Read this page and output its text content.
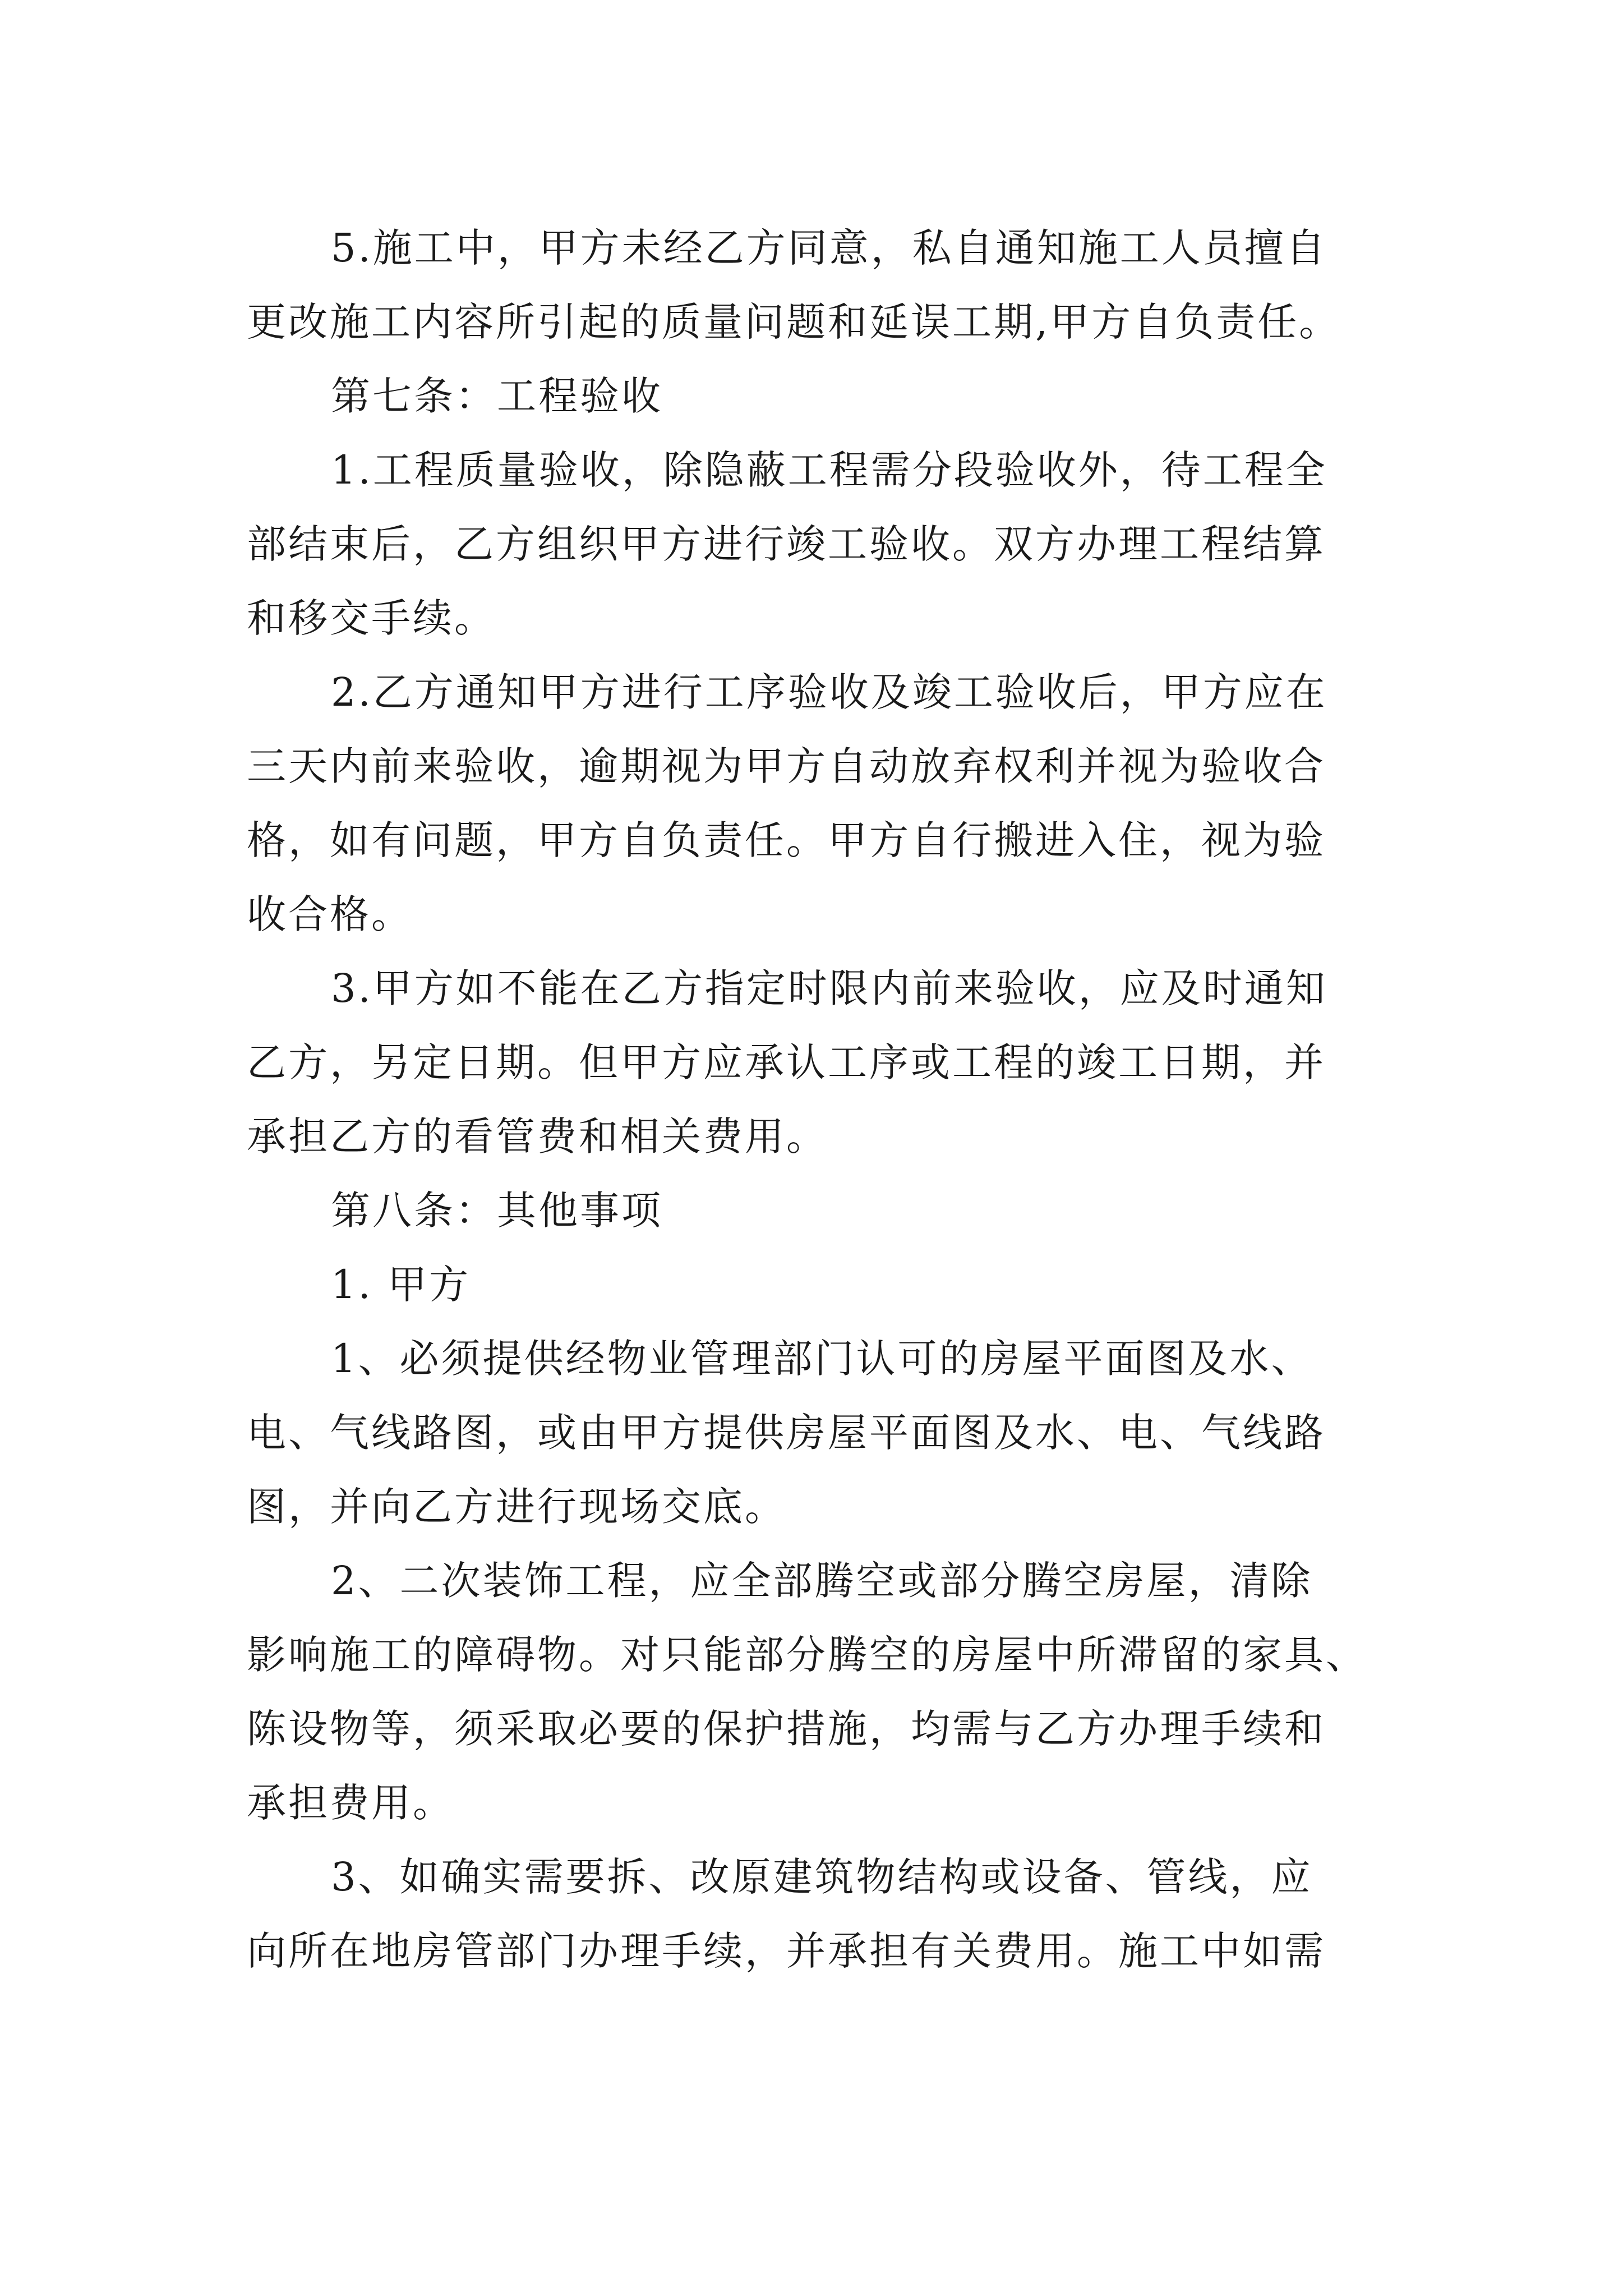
5.施工中，甲方未经乙方同意，私自通知施工人员擅自
更改施工内容所引起的质量问题和延误工期,甲方自负责任。
第七条：工程验收
1.工程质量验收，除隐蔽工程需分段验收外，待工程全
部结束后，乙方组织甲方进行竣工验收。双方办理工程结算
和移交手续。
2.乙方通知甲方进行工序验收及竣工验收后，甲方应在
三天内前来验收，逾期视为甲方自动放弃权利并视为验收合
格，如有问题，甲方自负责任。甲方自行搬进入住，视为验
收合格。
3.甲方如不能在乙方指定时限内前来验收，应及时通知
乙方，另定日期。但甲方应承认工序或工程的竣工日期，并
承担乙方的看管费和相关费用。
第八条：其他事项
1. 甲方
1、必须提供经物业管理部门认可的房屋平面图及水、
电、气线路图，或由甲方提供房屋平面图及水、电、气线路
图，并向乙方进行现场交底。
2、二次装饰工程，应全部腾空或部分腾空房屋，清除
影响施工的障碍物。对只能部分腾空的房屋中所滞留的家具、
陈设物等，须采取必要的保护措施，均需与乙方办理手续和
承担费用。
3、如确实需要拆、改原建筑物结构或设备、管线，应
向所在地房管部门办理手续，并承担有关费用。施工中如需
